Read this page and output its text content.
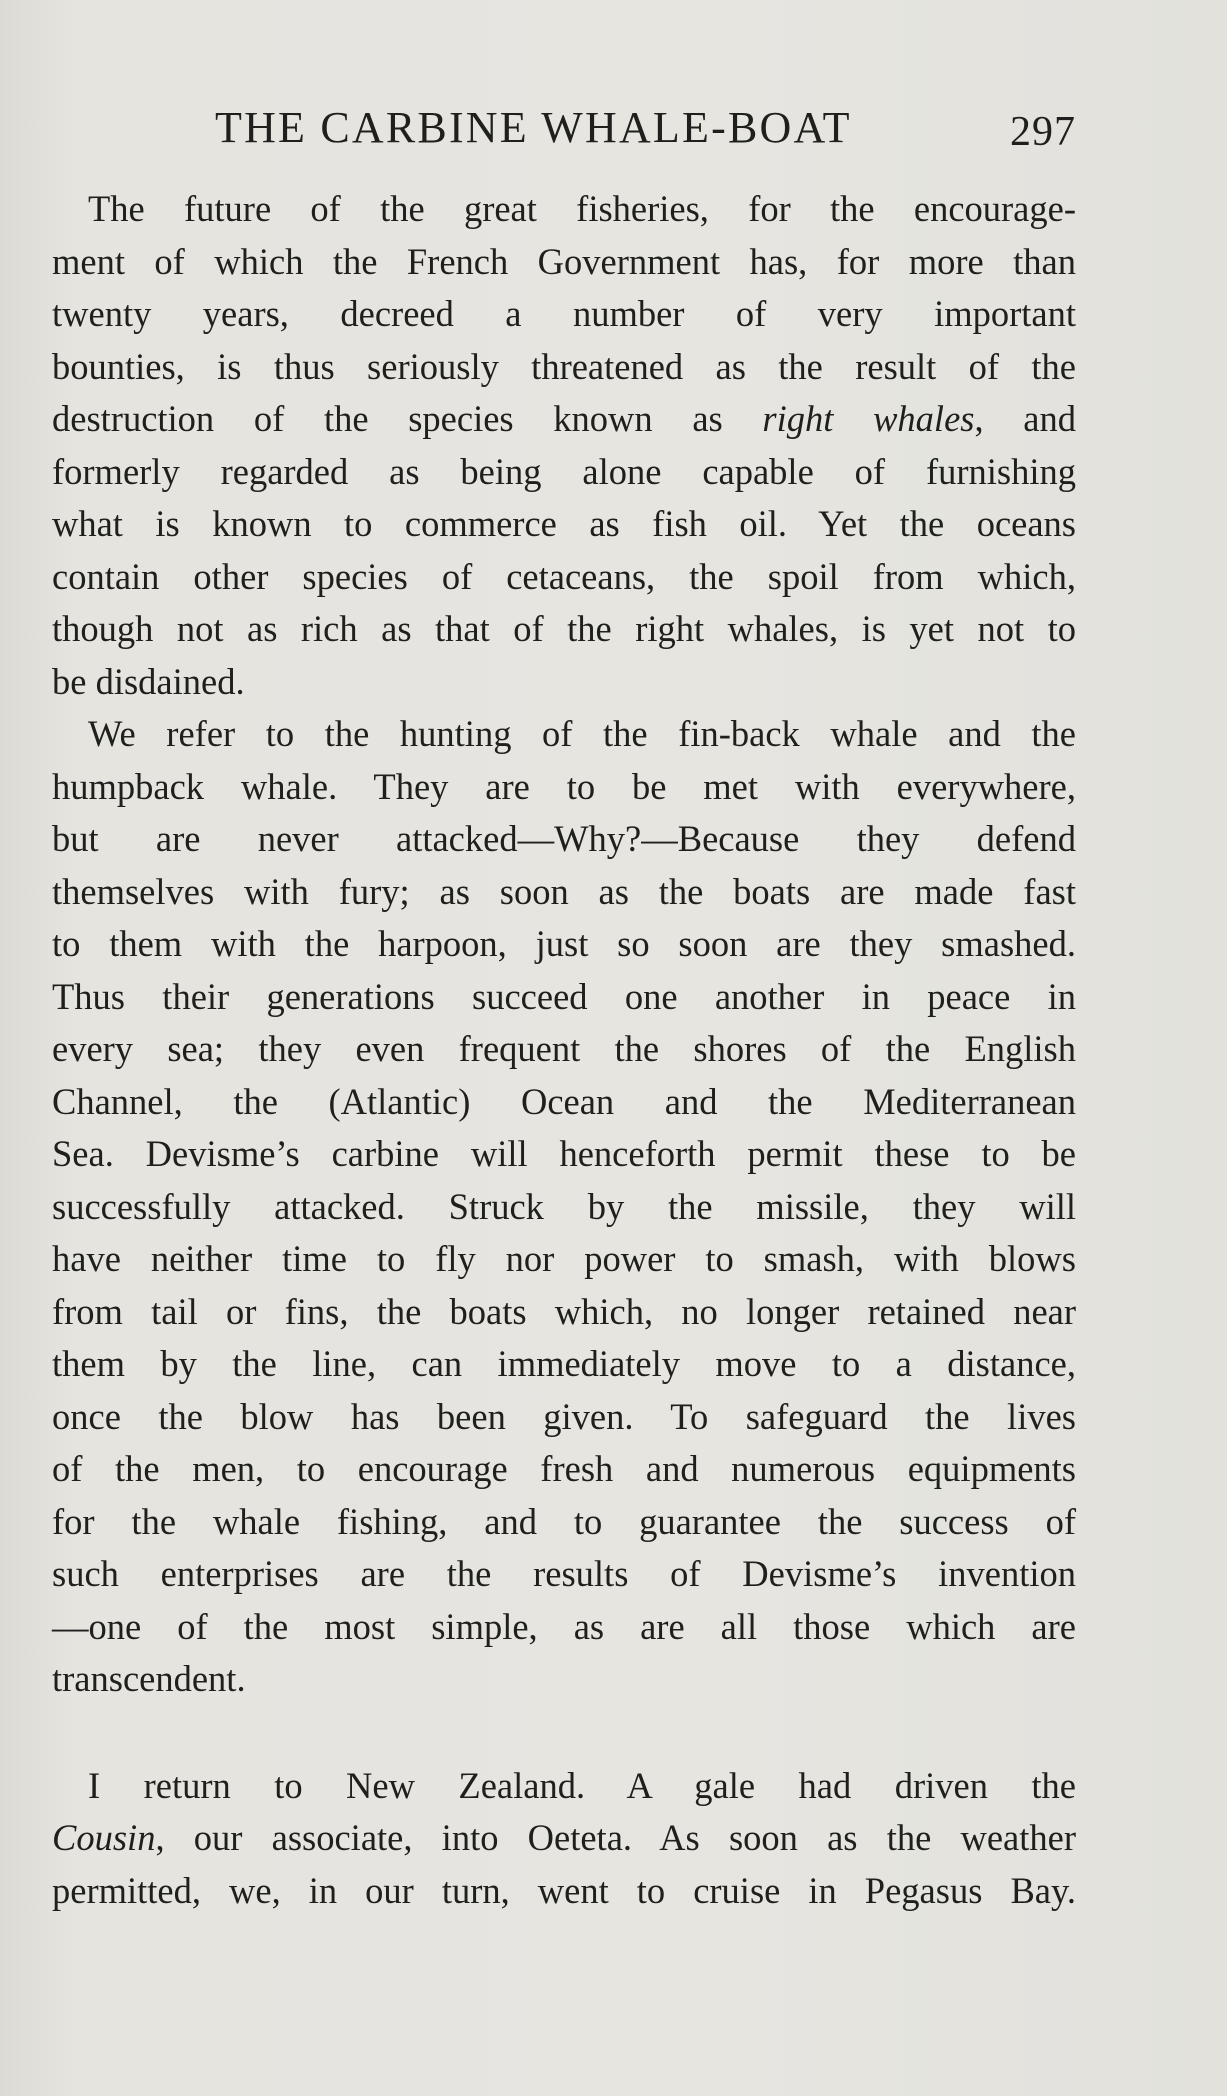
THE CARBINE WHALE-BOAT	297
The future of the great fisheries, for the encourage-
ment of which the French Government has, for more than
twenty years, decreed a number of very important
bounties, is thus seriously threatened as the result of the
destruction of the species known as right whales, and
formerly regarded as being alone capable of furnishing
what is known to commerce as fish oil. Yet the oceans
contain other species of cetaceans, the spoil from which,
though not as rich as that of the right whales, is yet not to
be disdained.
We refer to the hunting of the fin-back whale and the
humpback whale. They are to be met with everywhere,
but are never attacked—Why?—Because they defend
themselves with fury; as soon as the boats are made fast
to them with the harpoon, just so soon are they smashed.
Thus their generations succeed one another in peace in
every sea; they even frequent the shores of the English
Channel, the (Atlantic) Ocean and the Mediterranean
Sea. Devisme’s carbine will henceforth permit these to be
successfully attacked. Struck by the missile, they will
have neither time to fly nor power to smash, with blows
from tail or fins, the boats which, no longer retained near
them by the line, can immediately move to a distance,
once the blow has been given. To safeguard the lives
of the men, to encourage fresh and numerous equipments
for the whale fishing, and to guarantee the success of
such enterprises are the results of Devisme’s invention
—one of the most simple, as are all those which are
transcendent.
I return to New Zealand. A gale had driven the
Cousin, our associate, into Oeteta. As soon as the weather
permitted, we, in our turn, went to cruise in Pegasus Bay.
